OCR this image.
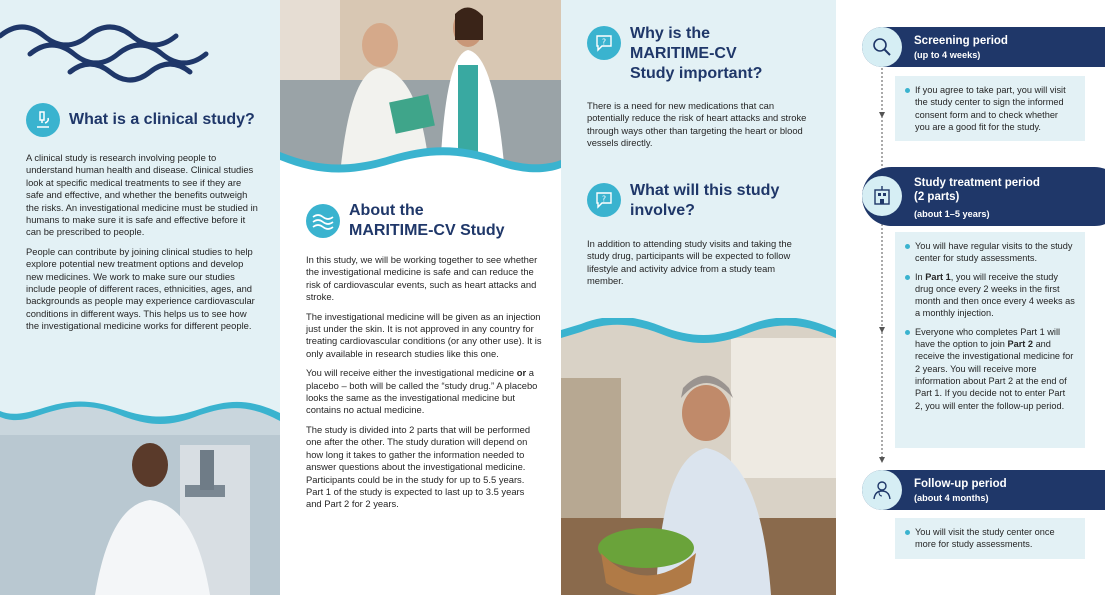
What is a clinical study?

A clinical study is research involving people to understand human health and disease. Clinical studies look at specific medical treatments to see if they are safe and effective, and whether the benefits outweigh the risks. An investigational medicine must be studied in humans to make sure it is safe and effective before it can be prescribed to people.

People can contribute by joining clinical studies to help explore potential new treatment options and develop new medicines. We work to make sure our studies include people of different races, ethnicities, ages, and backgrounds as people may experience cardiovascular conditions in different ways. This helps us to see how the investigational medicine works for different people.

About the
MARITIME-CV Study

In this study, we will be working together to see whether the investigational medicine is safe and can reduce the risk of cardiovascular events, such as heart attacks and stroke.

The investigational medicine will be given as an injection just under the skin. It is not approved in any country for treating cardiovascular conditions (or any other use). It is only available in research studies like this one.

You will receive either the investigational medicine or a placebo – both will be called the “study drug.” A placebo looks the same as the investigational medicine but contains no actual medicine.

The study is divided into 2 parts that will be performed one after the other. The study duration will depend on how long it takes to gather the information needed to answer questions about the investigational medicine. Participants could be in the study for up to 5.5 years. Part 1 of the study is expected to last up to 3.5 years and Part 2 for 2 years.

? Why is the
MARITIME-CV
Study important?

There is a need for new medications that can potentially reduce the risk of heart attacks and stroke through ways other than targeting the heart or blood vessels directly.

? What will this study
involve?

In addition to attending study visits and taking the study drug, participants will be expected to follow lifestyle and activity advice from a study team member.

Screening period
(up to 4 weeks)
If you agree to take part, you will visit the study center to sign the informed consent form and to check whether you are a good fit for the study.
Study treatment period
(2 parts)
(about 1–5 years)
You will have regular visits to the study center for study assessments.
In Part 1, you will receive the study drug once every 2 weeks in the first month and then once every 4 weeks as a monthly injection.
Everyone who completes Part 1 will have the option to join Part 2 and receive the investigational medicine for 2 years. You will receive more information about Part 2 at the end of Part 1. If you decide not to enter Part 2, you will enter the follow-up period.
Follow-up period
(about 4 months)
You will visit the study center once more for study assessments.
